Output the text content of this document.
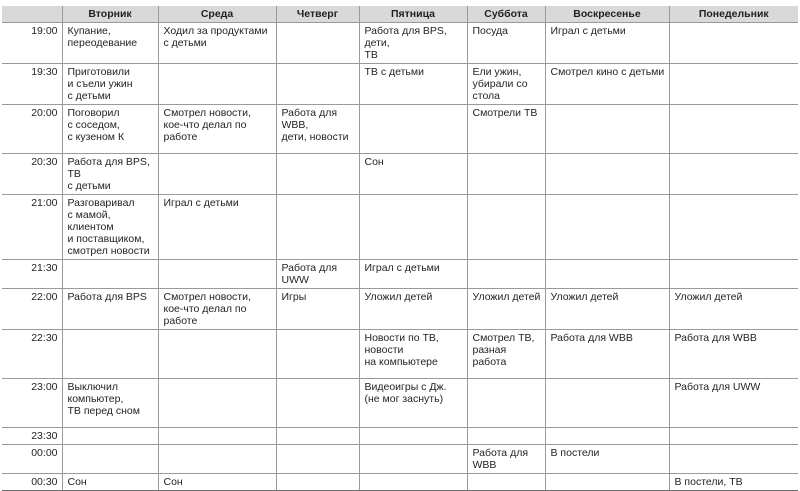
	Вторник	Среда	Четверг	Пятница	Суббота	Воскресенье	Понедельник
19:00	Купание,
переодевание	Ходил за продуктами
с детьми		Работа для BPS, дети,
ТВ	Посуда	Играл с детьми	
19:30	Приготовили
и съели ужин
с детьми			ТВ с детьми	Ели ужин,
убирали со
стола	Смотрел кино с детьми	
20:00	Поговорил
с соседом,
с кузеном К	Смотрел новости,
кое-что делал по работе	Работа для WBB,
дети, новости		Смотрели ТВ		
20:30	Работа для BPS, ТВ
с детьми			Сон			
21:00	Разговаривал
с мамой, клиентом
и поставщиком,
смотрел новости	Играл с детьми					
21:30			Работа для UWW	Играл с детьми			
22:00	Работа для BPS	Смотрел новости,
кое-что делал по работе	Игры	Уложил детей	Уложил детей	Уложил детей	Уложил детей
22:30				Новости по ТВ,
новости
на компьютере	Смотрел ТВ,
разная работа	Работа для WBB	Работа для WBB
23:00	Выключил
компьютер,
ТВ перед сном			Видеоигры с Дж.
(не мог заснуть)			Работа для UWW
23:30							
00:00					Работа для WBB	В постели	
00:30	Сон	Сон					В постели, ТВ
